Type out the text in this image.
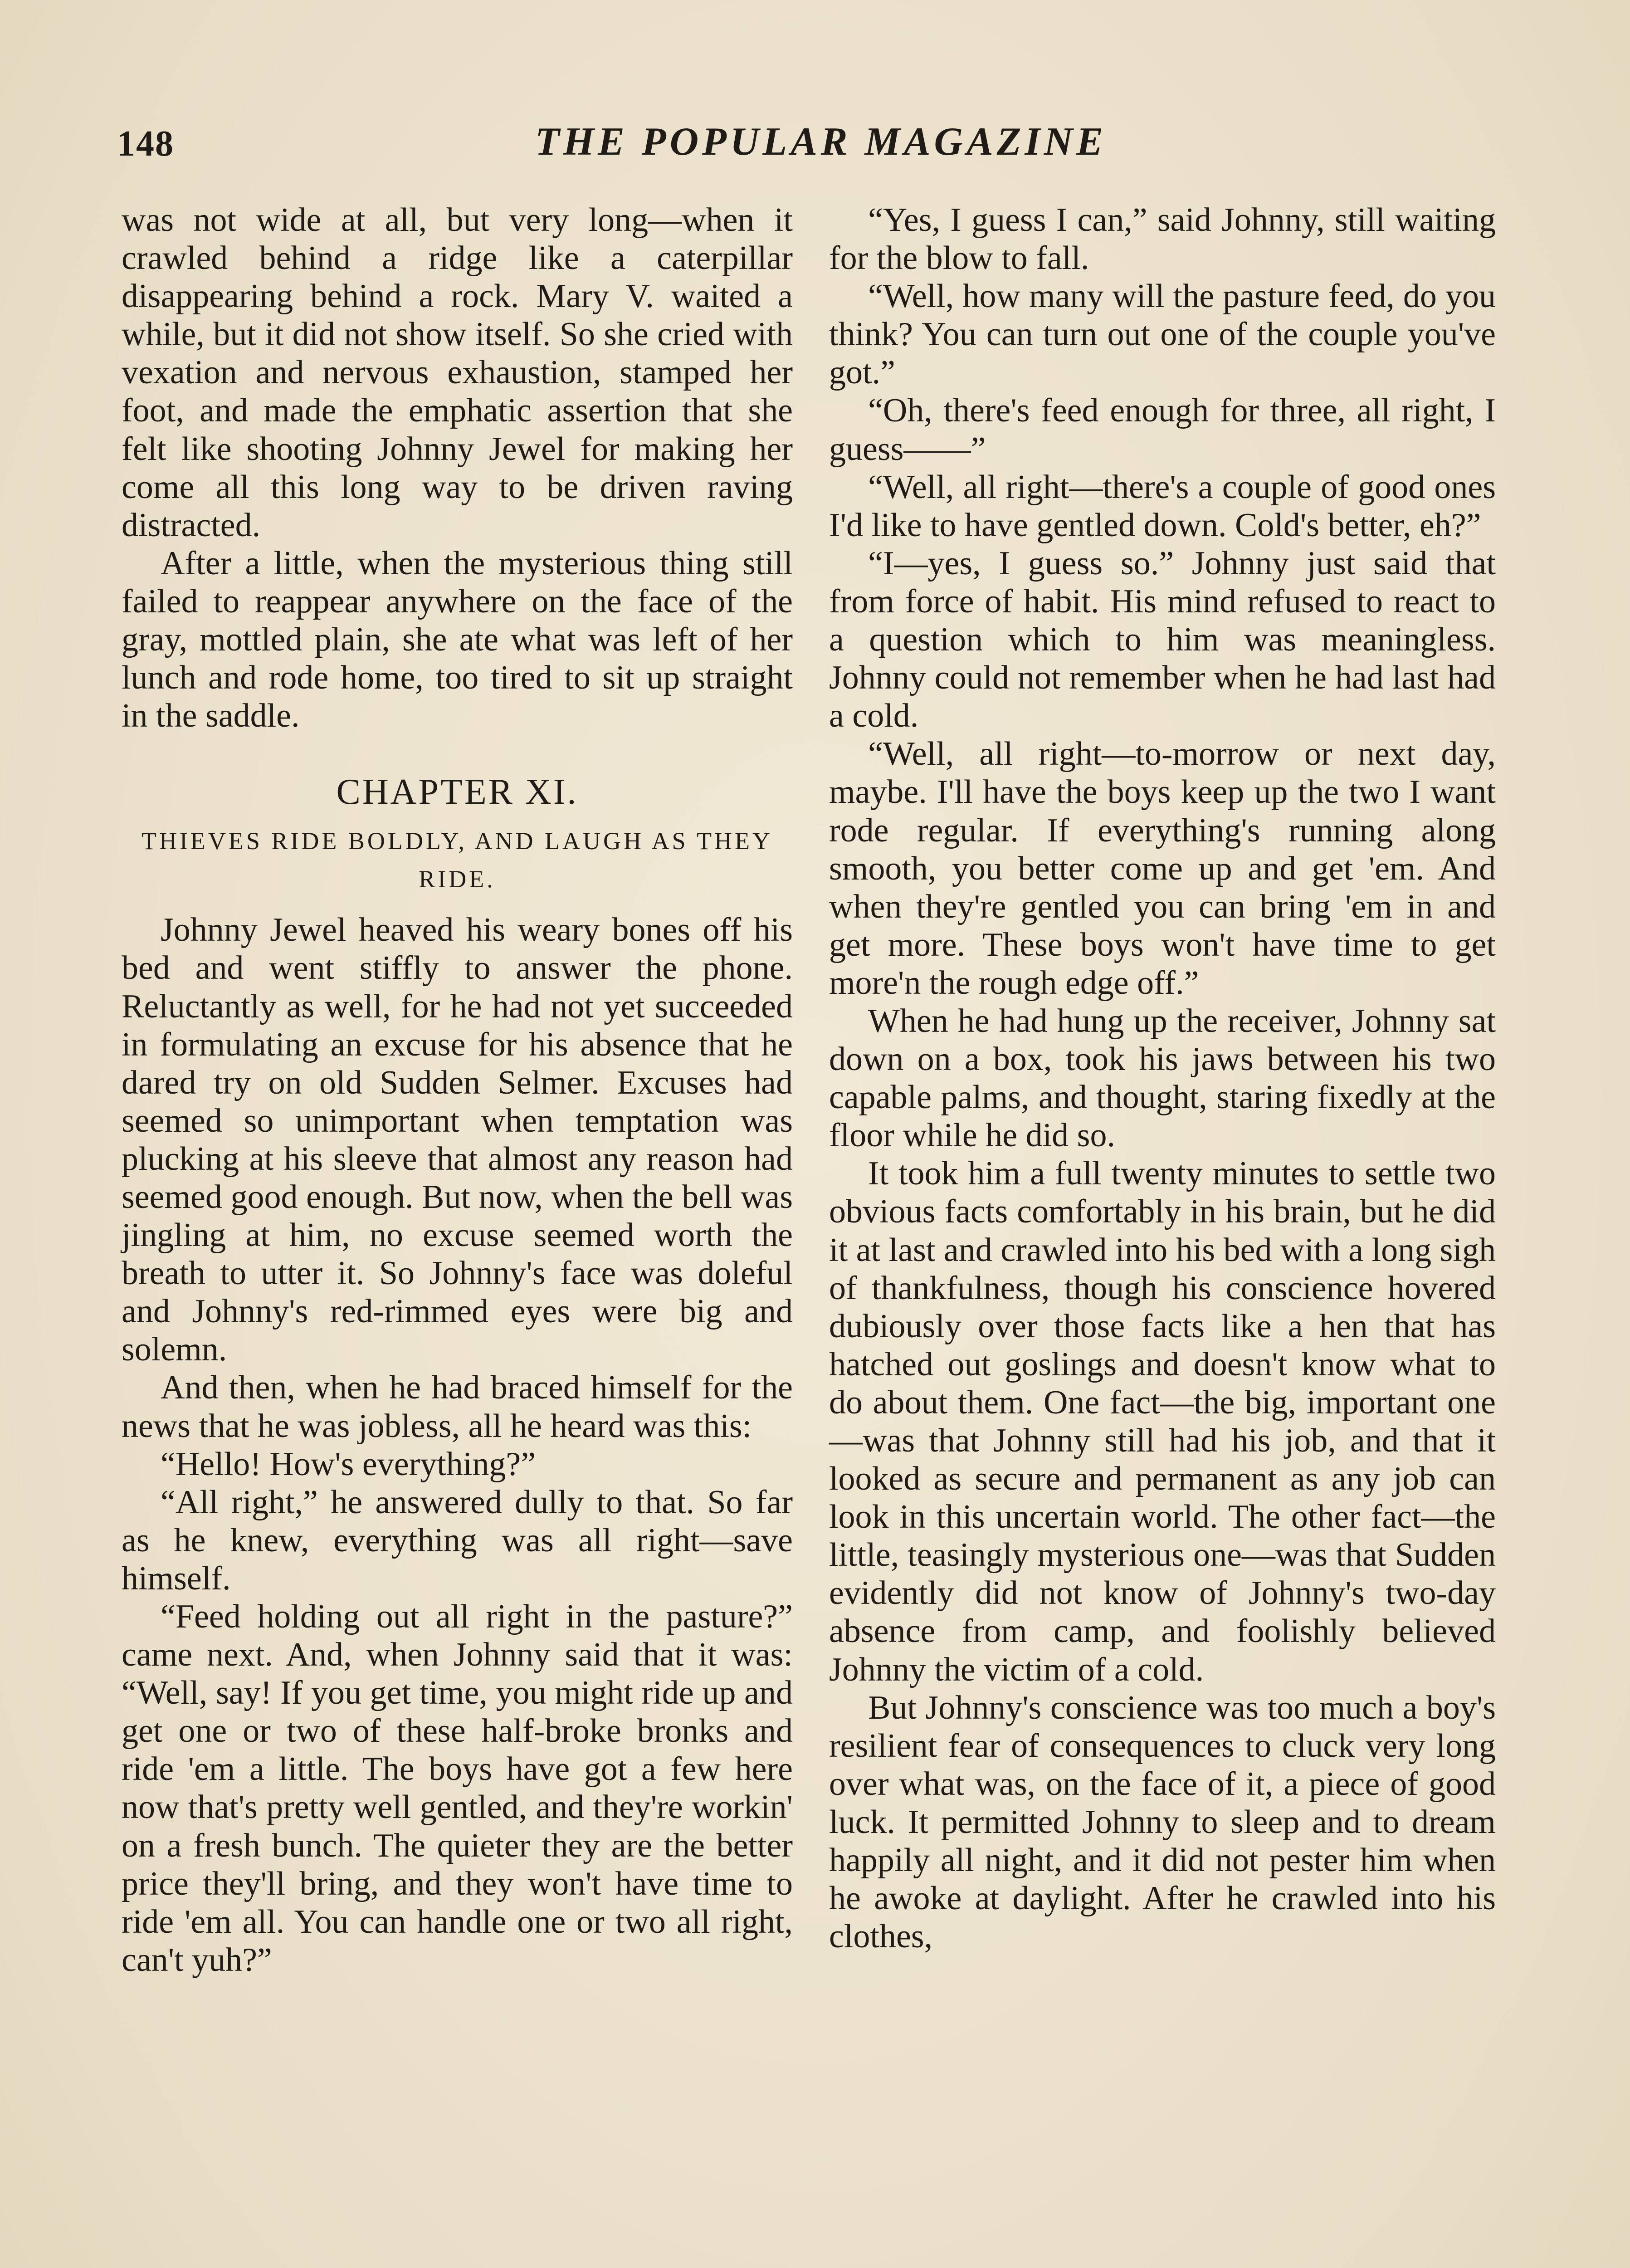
148	THE POPULAR MAGAZINE

was not wide at all, but very long—when it crawled behind a ridge like a caterpillar disappearing behind a rock. Mary V. waited a while, but it did not show itself. So she cried with vexation and nervous exhaustion, stamped her foot, and made the emphatic assertion that she felt like shooting Johnny Jewel for making her come all this long way to be driven raving distracted.

After a little, when the mysterious thing still failed to reappear anywhere on the face of the gray, mottled plain, she ate what was left of her lunch and rode home, too tired to sit up straight in the saddle.

CHAPTER XI.
THIEVES RIDE BOLDLY, AND LAUGH AS THEY RIDE.

Johnny Jewel heaved his weary bones off his bed and went stiffly to answer the phone. Reluctantly as well, for he had not yet succeeded in formulating an excuse for his absence that he dared try on old Sudden Selmer. Excuses had seemed so unimportant when temptation was plucking at his sleeve that almost any reason had seemed good enough. But now, when the bell was jingling at him, no excuse seemed worth the breath to utter it. So Johnny's face was doleful and Johnny's red-rimmed eyes were big and solemn.

And then, when he had braced himself for the news that he was jobless, all he heard was this:

“Hello! How's everything?”

“All right,” he answered dully to that. So far as he knew, everything was all right—save himself.

“Feed holding out all right in the pasture?” came next. And, when Johnny said that it was: “Well, say! If you get time, you might ride up and get one or two of these half-broke bronks and ride 'em a little. The boys have got a few here now that's pretty well gentled, and they're workin' on a fresh bunch. The quieter they are the better price they'll bring, and they won't have time to ride 'em all. You can handle one or two all right, can't yuh?”

“Yes, I guess I can,” said Johnny, still waiting for the blow to fall.

“Well, how many will the pasture feed, do you think? You can turn out one of the couple you've got.”

“Oh, there's feed enough for three, all right, I guess——”

“Well, all right—there's a couple of good ones I'd like to have gentled down. Cold's better, eh?”

“I—yes, I guess so.” Johnny just said that from force of habit. His mind refused to react to a question which to him was meaningless. Johnny could not remember when he had last had a cold.

“Well, all right—to-morrow or next day, maybe. I'll have the boys keep up the two I want rode regular. If everything's running along smooth, you better come up and get 'em. And when they're gentled you can bring 'em in and get more. These boys won't have time to get more'n the rough edge off.”

When he had hung up the receiver, Johnny sat down on a box, took his jaws between his two capable palms, and thought, staring fixedly at the floor while he did so.

It took him a full twenty minutes to settle two obvious facts comfortably in his brain, but he did it at last and crawled into his bed with a long sigh of thankfulness, though his conscience hovered dubiously over those facts like a hen that has hatched out goslings and doesn't know what to do about them. One fact—the big, important one—was that Johnny still had his job, and that it looked as secure and permanent as any job can look in this uncertain world. The other fact—the little, teasingly mysterious one—was that Sudden evidently did not know of Johnny's two-day absence from camp, and foolishly believed Johnny the victim of a cold.

But Johnny's conscience was too much a boy's resilient fear of consequences to cluck very long over what was, on the face of it, a piece of good luck. It permitted Johnny to sleep and to dream happily all night, and it did not pester him when he awoke at daylight. After he crawled into his clothes,
